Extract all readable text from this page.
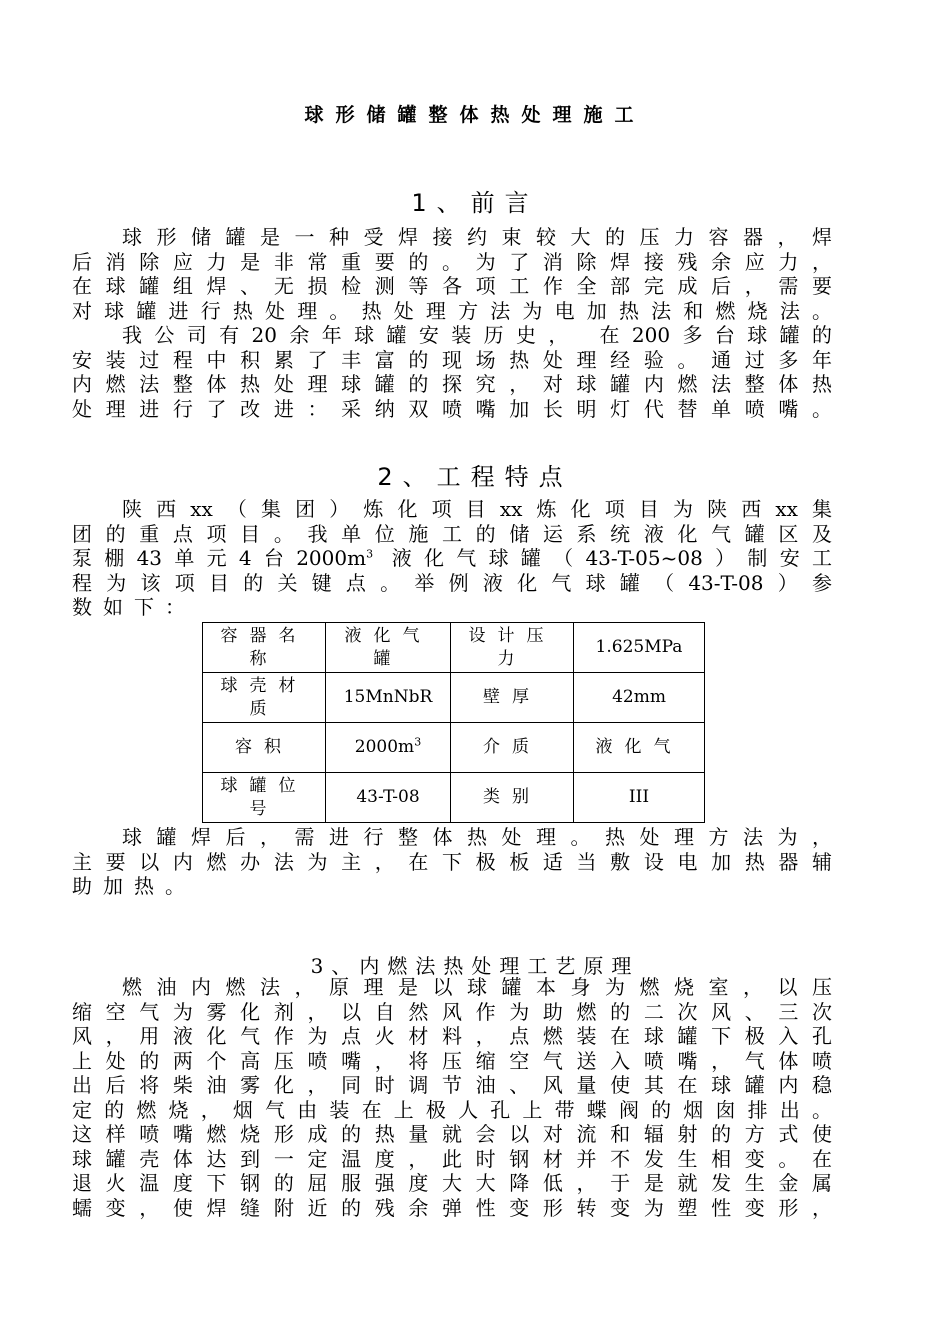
球形储罐整体热处理施工
1、前言
球形储罐是一种受焊接约束较大的压力容器，焊
后消除应力是非常重要的。为了消除焊接残余应力，
在球罐组焊、无损检测等各项工作全部完成后，需要
对球罐进行热处理。热处理方法为电加热法和燃烧法。
我公司有20余年球罐安装历史， 在200多台球罐的
安装过程中积累了丰富的现场热处理经验。通过多年
内燃法整体热处理球罐的探究，对球罐内燃法整体热
处理进行了改进：采纳双喷嘴加长明灯代替单喷嘴。
2、工程特点
陕西xx（集团）炼化项目xx炼化项目为陕西xx集
团的重点项目。我单位施工的储运系统液化气罐区及
泵棚43单元4台$2000m^3$ 液化气球罐（43-T-05~08）制安工
程为该项目的关键点。举例液化气球罐（43-T-08）参
数如下：
容器名称	液化气罐	设计压力	1.625MPa
球壳材质	15MnNbR	壁厚	42mm
容积	$2000m^3$	介质	液化气
球罐位号	43-T-08	类别	III
球罐焊后，需进行整体热处理。热处理方法为，
主要以内燃办法为主，在下极板适当敷设电加热器辅
助加热。
3、内燃法热处理工艺原理
燃油内燃法，原理是以球罐本身为燃烧室，以压
缩空气为雾化剂，以自然风作为助燃的二次风、三次
风，用液化气作为点火材料，点燃装在球罐下极入孔
上处的两个高压喷嘴，将压缩空气送入喷嘴，气体喷
出后将柴油雾化，同时调节油、风量使其在球罐内稳
定的燃烧，烟气由装在上极人孔上带蝶阀的烟囱排出。
这样喷嘴燃烧形成的热量就会以对流和辐射的方式使
球罐壳体达到一定温度，此时钢材并不发生相变。在
退火温度下钢的屈服强度大大降低，于是就发生金属
蠕变，使焊缝附近的残余弹性变形转变为塑性变形，
